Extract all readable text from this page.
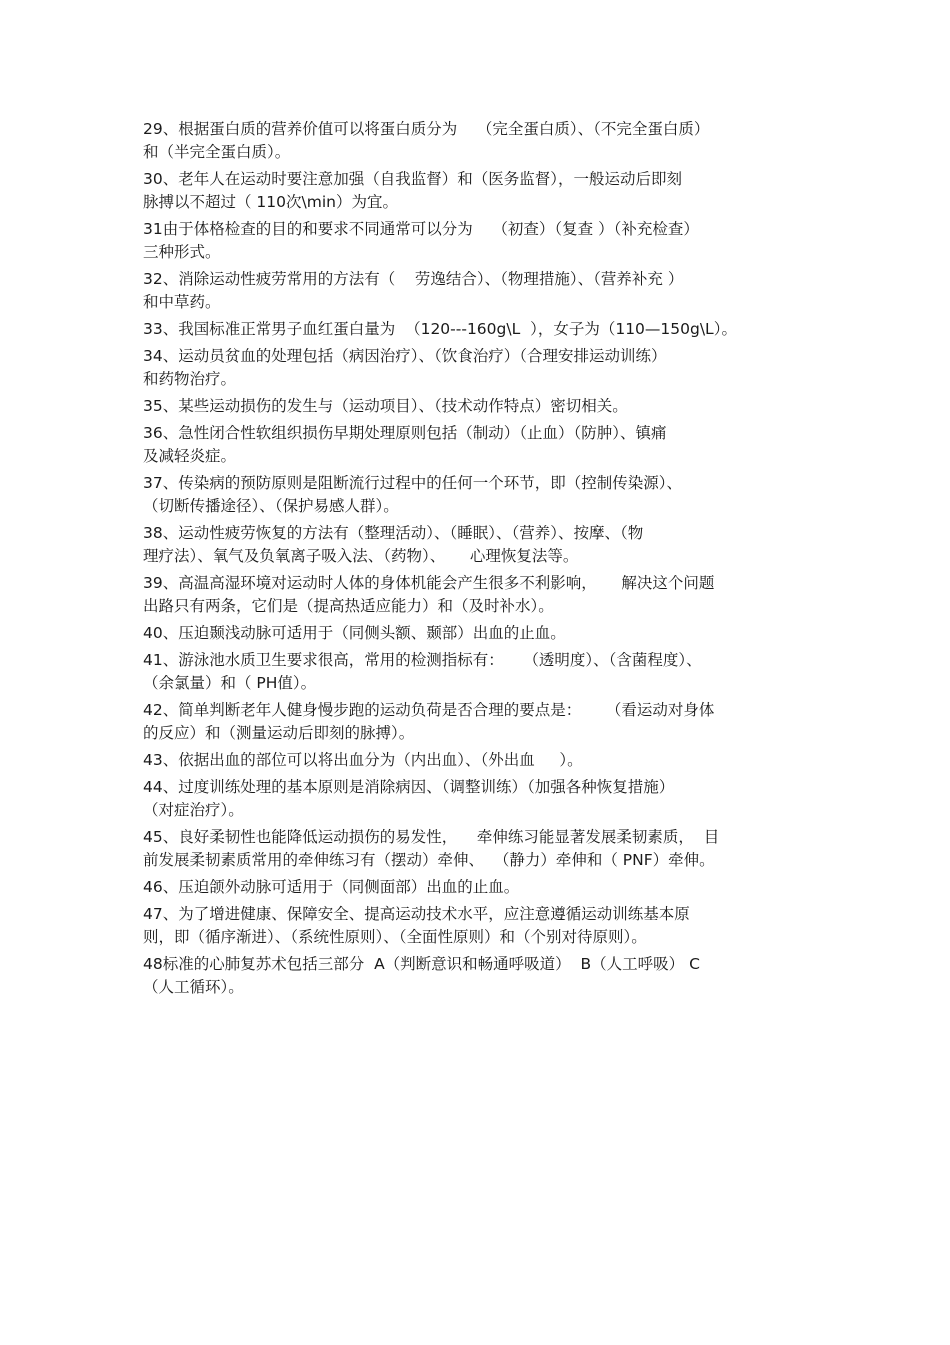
29、根据蛋白质的营养价值可以将蛋白质分为    （完全蛋白质）、（不完全蛋白质）
和（半完全蛋白质）。
30、老年人在运动时要注意加强（自我监督）和（医务监督），一般运动后即刻
脉搏以不超过（ 110次\min）为宜。
31由于体格检查的目的和要求不同通常可以分为    （初查）（复查 ）（补充检查）
三种形式。
32、消除运动性疲劳常用的方法有（    劳逸结合）、（物理措施）、（营养补充 ）
和中草药。
33、我国标准正常男子血红蛋白量为  （120---160g\L  ），女子为（110—150g\L）。
34、运动员贫血的处理包括（病因治疗）、（饮食治疗）（合理安排运动训练）
和药物治疗。
35、某些运动损伤的发生与（运动项目）、（技术动作特点）密切相关。
36、急性闭合性软组织损伤早期处理原则包括（制动）（止血）（防肿）、镇痛
及减轻炎症。
37、传染病的预防原则是阻断流行过程中的任何一个环节，即（控制传染源）、
（切断传播途径）、（保护易感人群）。
38、运动性疲劳恢复的方法有（整理活动）、（睡眠）、（营养）、按摩、（物
理疗法）、氧气及负氧离子吸入法、（药物）、     心理恢复法等。
39、高温高湿环境对运动时人体的身体机能会产生很多不利影响，     解决这个问题
出路只有两条，它们是（提高热适应能力）和（及时补水）。
40、压迫颞浅动脉可适用于（同侧头额、颞部）出血的止血。
41、游泳池水质卫生要求很高，常用的检测指标有：    （透明度）、（含菌程度）、
（余氯量）和（ PH值）。
42、简单判断老年人健身慢步跑的运动负荷是否合理的要点是：     （看运动对身体
的反应）和（测量运动后即刻的脉搏）。
43、依据出血的部位可以将出血分为（内出血）、（外出血     ）。
44、过度训练处理的基本原则是消除病因、（调整训练）（加强各种恢复措施）
（对症治疗）。
45、良好柔韧性也能降低运动损伤的易发性，    牵伸练习能显著发展柔韧素质，  目
前发展柔韧素质常用的牵伸练习有（摆动）牵伸、  （静力）牵伸和（ PNF）牵伸。
46、压迫颌外动脉可适用于（同侧面部）出血的止血。
47、为了增进健康、保障安全、提高运动技术水平，应注意遵循运动训练基本原
则，即（循序渐进）、（系统性原则）、（全面性原则）和（个别对待原则）。
48标准的心肺复苏术包括三部分  A（判断意识和畅通呼吸道）  B（人工呼吸） C
（人工循环）。
